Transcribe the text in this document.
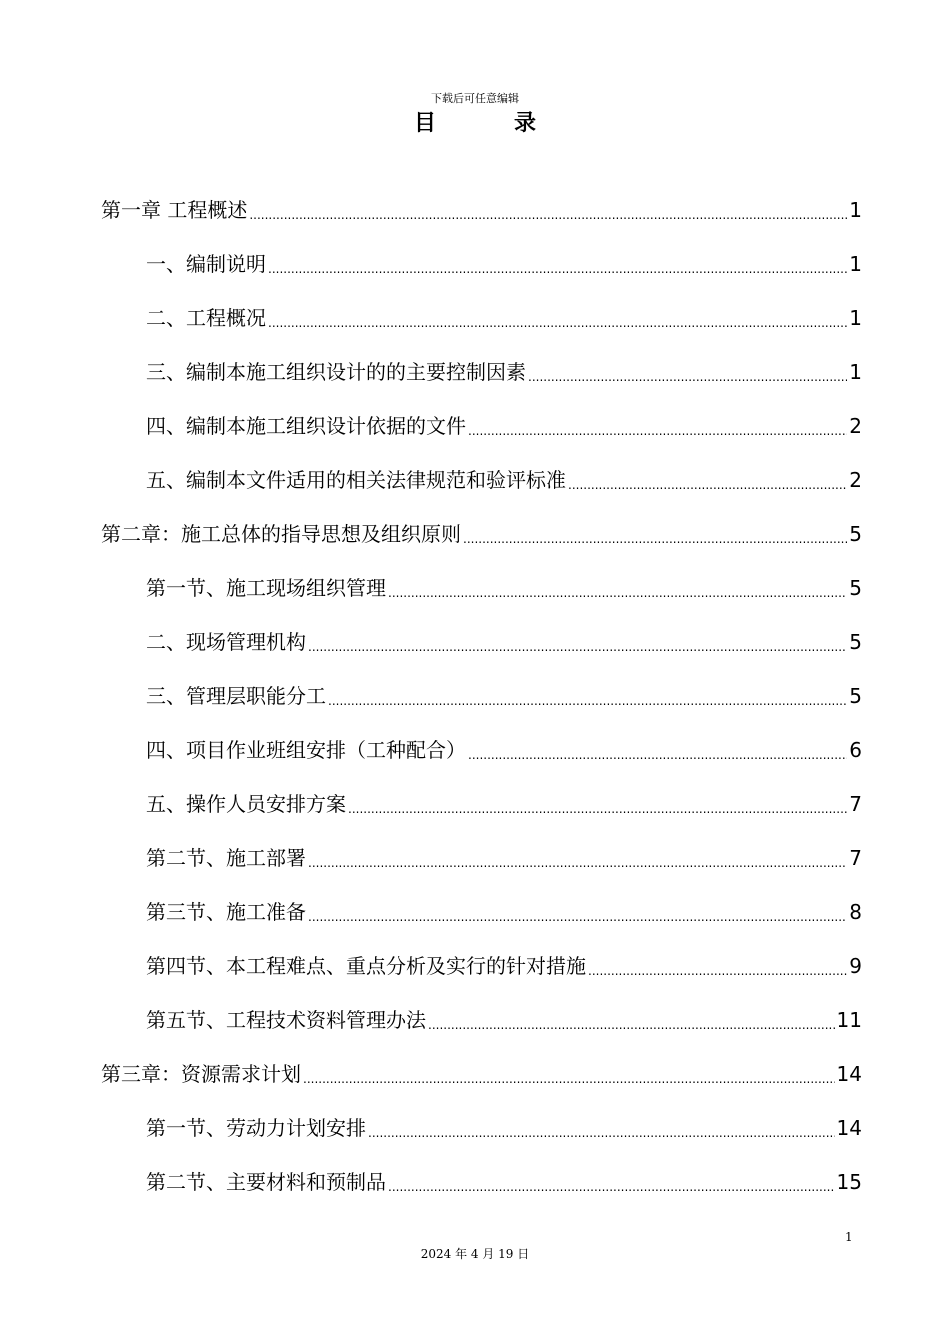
下载后可任意编辑
目　录
第一章 工程概述 .....	1
一、编制说明 .....	1
二、工程概况 .....	1
三、编制本施工组织设计的的主要控制因素 .....	1
四、编制本施工组织设计依据的文件 .....	2
五、编制本文件适用的相关法律规范和验评标准 .....	2
第二章：施工总体的指导思想及组织原则 .....	5
第一节、施工现场组织管理 .....	5
二、现场管理机构 .....	5
三、管理层职能分工 .....	5
四、项目作业班组安排（工种配合） .....	6
五、操作人员安排方案 .....	7
第二节、施工部署 .....	7
第三节、施工准备 .....	8
第四节、本工程难点、重点分析及实行的针对措施 .....	9
第五节、工程技术资料管理办法 .....	11
第三章：资源需求计划 .....	14
第一节、劳动力计划安排 .....	14
第二节、主要材料和预制品 .....	15
1
2024 年 4 月 19 日
